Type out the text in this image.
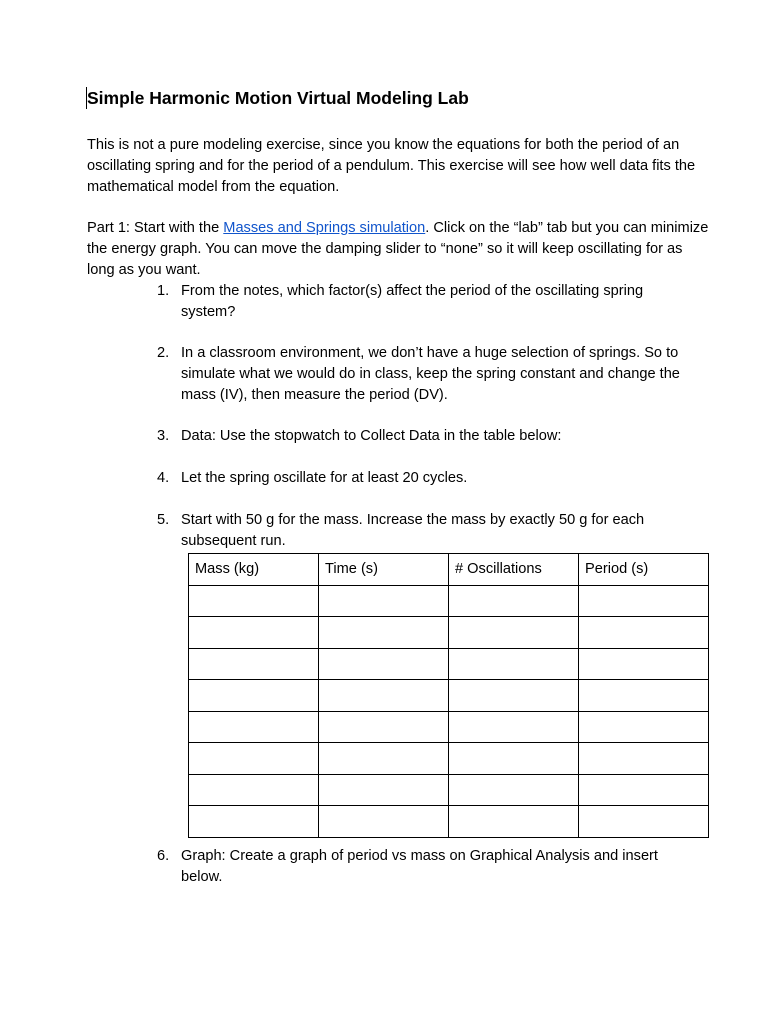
Simple Harmonic Motion Virtual Modeling Lab
This is not a pure modeling exercise, since you know the equations for both the period of an oscillating spring and for the period of a pendulum. This exercise will see how well data fits the mathematical model from the equation.
Part 1: Start with the Masses and Springs simulation. Click on the “lab” tab but you can minimize the energy graph. You can move the damping slider to “none” so it will keep oscillating for as long as you want.
1. From the notes, which factor(s) affect the period of the oscillating spring system?
2. In a classroom environment, we don’t have a huge selection of springs. So to simulate what we would do in class, keep the spring constant and change the mass (IV), then measure the period (DV).
3. Data: Use the stopwatch to Collect Data in the table below:
4. Let the spring oscillate for at least 20 cycles.
5. Start with 50 g for the mass. Increase the mass by exactly 50 g for each subsequent run.
Mass (kg)	Time (s)	# Oscillations	Period (s)

6. Graph: Create a graph of period vs mass on Graphical Analysis and insert below.
